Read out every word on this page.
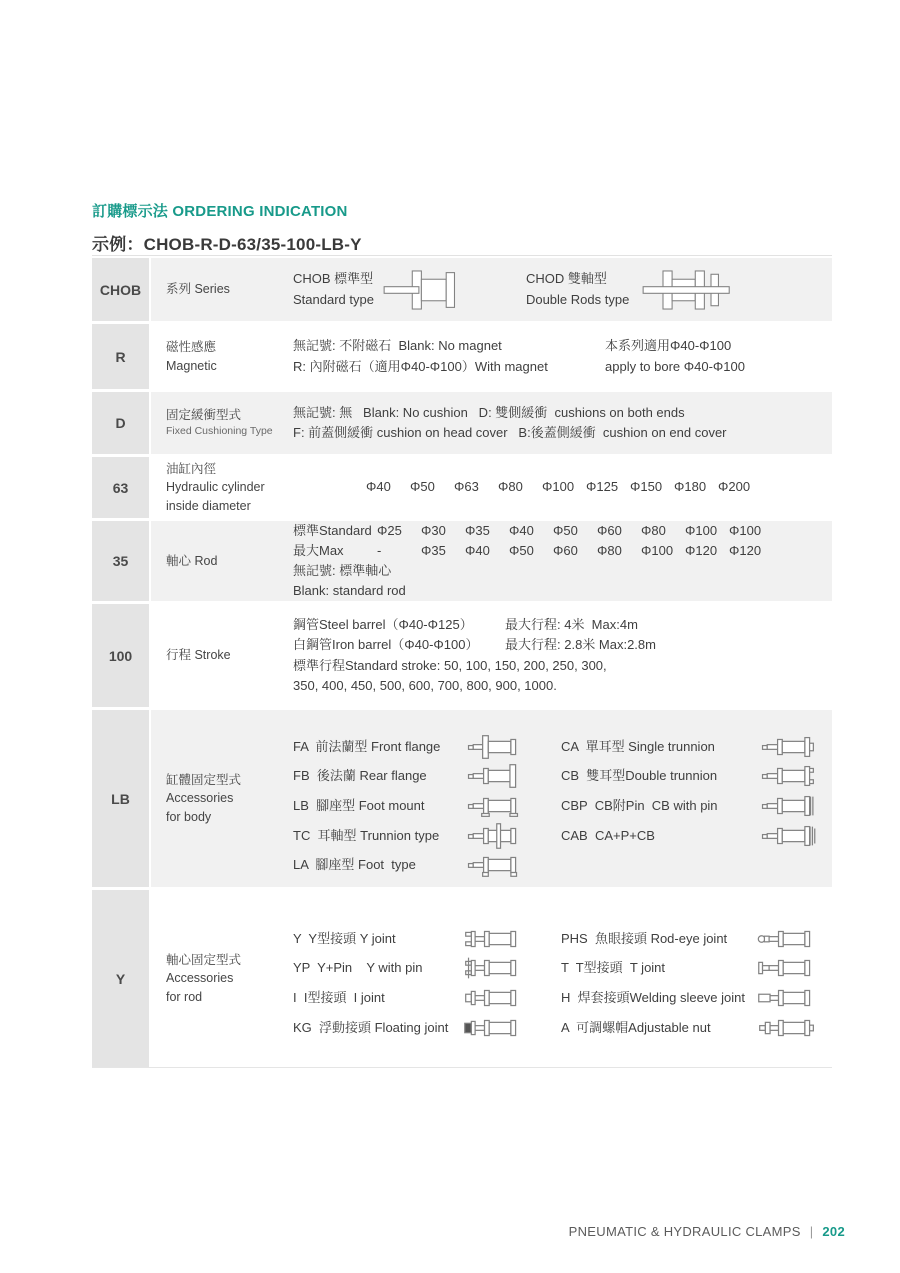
訂購標示法 ORDERING INDICATION
示例：CHOB-R-D-63/35-100-LB-Y
CHOB	系列 Series
CHOB 標準型
Standard type
CHOD 雙軸型
Double Rods type
R
磁性感應
Magnetic
無記號: 不附磁石  Blank: No magnet
R: 內附磁石（適用Φ40-Φ100）With magnet
本系列適用Φ40-Φ100
apply to bore Φ40-Φ100
D	固定緩衝型式
Fixed Cushioning Type
無記號: 無   Blank: No cushion   D: 雙側緩衝  cushions on both ends
F: 前蓋側緩衝 cushion on head cover   B:後蓋側緩衝  cushion on end cover
63
油缸內徑
Hydraulic cylinder
inside diameter
Φ40	Φ50	Φ63	Φ80	Φ100 Φ125 Φ150 Φ180 Φ200
35	軸心 Rod
標準Standard Φ25	Φ30	Φ35	Φ40	Φ50	Φ60	Φ80	Φ100 Φ100
最大Max	-	Φ35	Φ40	Φ50	Φ60	Φ80	Φ100 Φ120 Φ120
無記號: 標準軸心
Blank: standard rod
100	行程 Stroke
鋼管Steel barrel（Φ40-Φ125）	最大行程: 4米  Max:4m
白鋼管Iron barrel（Φ40-Φ100）	最大行程: 2.8米 Max:2.8m
標準行程Standard stroke: 50, 100, 150, 200, 250, 300,
350, 400, 450, 500, 600, 700, 800, 900, 1000.
LB
缸體固定型式
Accessories
for body
FA  前法蘭型 Front flange
FB  後法蘭 Rear flange
LB  腳座型 Foot mount
TC  耳軸型 Trunnion type
LA  腳座型 Foot  type
CA  單耳型 Single trunnion
CB  雙耳型Double trunnion
CBP  CB附Pin  CB with pin
CAB  CA+P+CB
Y
軸心固定型式
Accessories
for rod
Y  Y型接頭 Y joint
YP  Y+Pin    Y with pin
I  I型接頭  I joint
KG  浮動接頭 Floating joint
PHS  魚眼接頭 Rod-eye joint
T  T型接頭  T joint
H  焊套接頭Welding sleeve joint
A  可調螺帽Adjustable nut
PNEUMATIC & HYDRAULIC CLAMPS | 202
